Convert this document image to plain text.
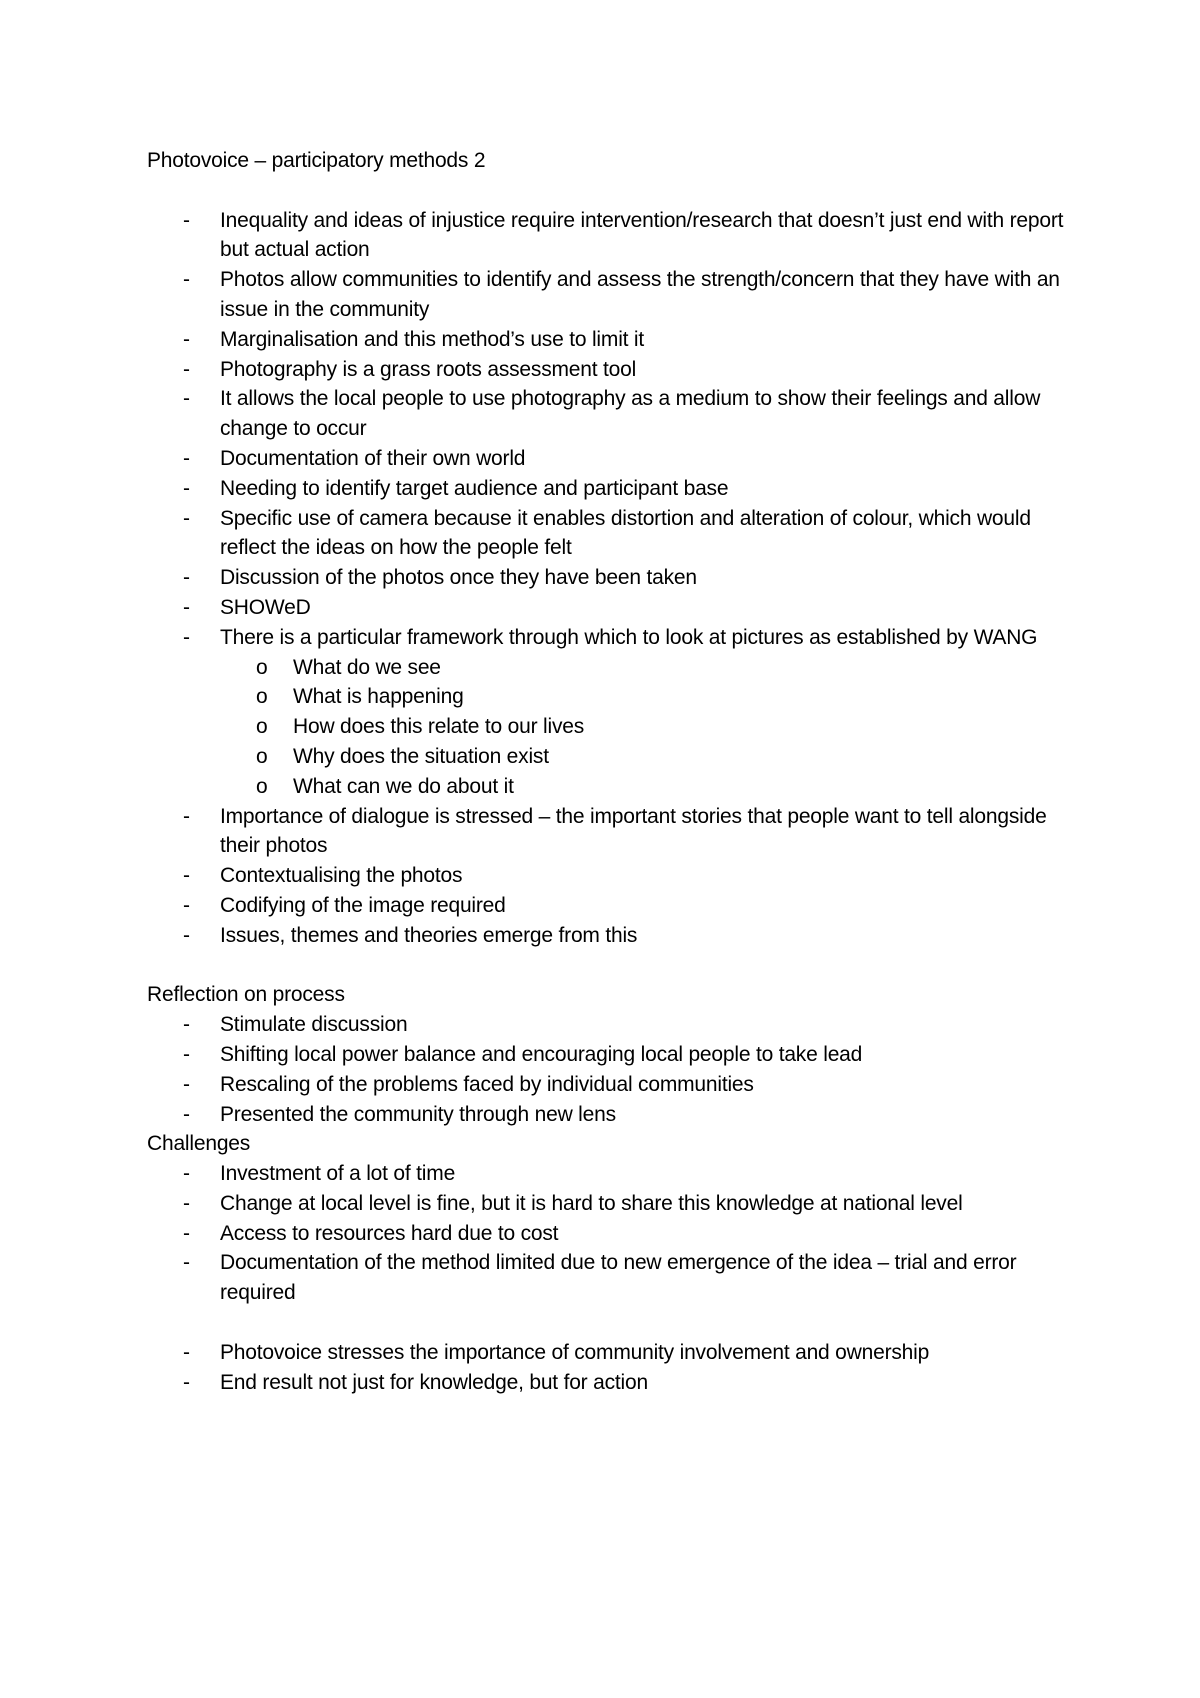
Photovoice – participatory methods 2

- Inequality and ideas of injustice require intervention/research that doesn’t just end with report but actual action
- Photos allow communities to identify and assess the strength/concern that they have with an issue in the community
- Marginalisation and this method’s use to limit it
- Photography is a grass roots assessment tool
- It allows the local people to use photography as a medium to show their feelings and allow change to occur
- Documentation of their own world
- Needing to identify target audience and participant base
- Specific use of camera because it enables distortion and alteration of colour, which would reflect the ideas on how the people felt
- Discussion of the photos once they have been taken
- SHOWeD
- There is a particular framework through which to look at pictures as established by WANG
o What do we see
o What is happening
o How does this relate to our lives
o Why does the situation exist
o What can we do about it
- Importance of dialogue is stressed – the important stories that people want to tell alongside their photos
- Contextualising the photos
- Codifying of the image required
- Issues, themes and theories emerge from this

Reflection on process

- Stimulate discussion
- Shifting local power balance and encouraging local people to take lead
- Rescaling of the problems faced by individual communities
- Presented the community through new lens

Challenges

- Investment of a lot of time
- Change at local level is fine, but it is hard to share this knowledge at national level
- Access to resources hard due to cost
- Documentation of the method limited due to new emergence of the idea – trial and error required
- Photovoice stresses the importance of community involvement and ownership
- End result not just for knowledge, but for action
